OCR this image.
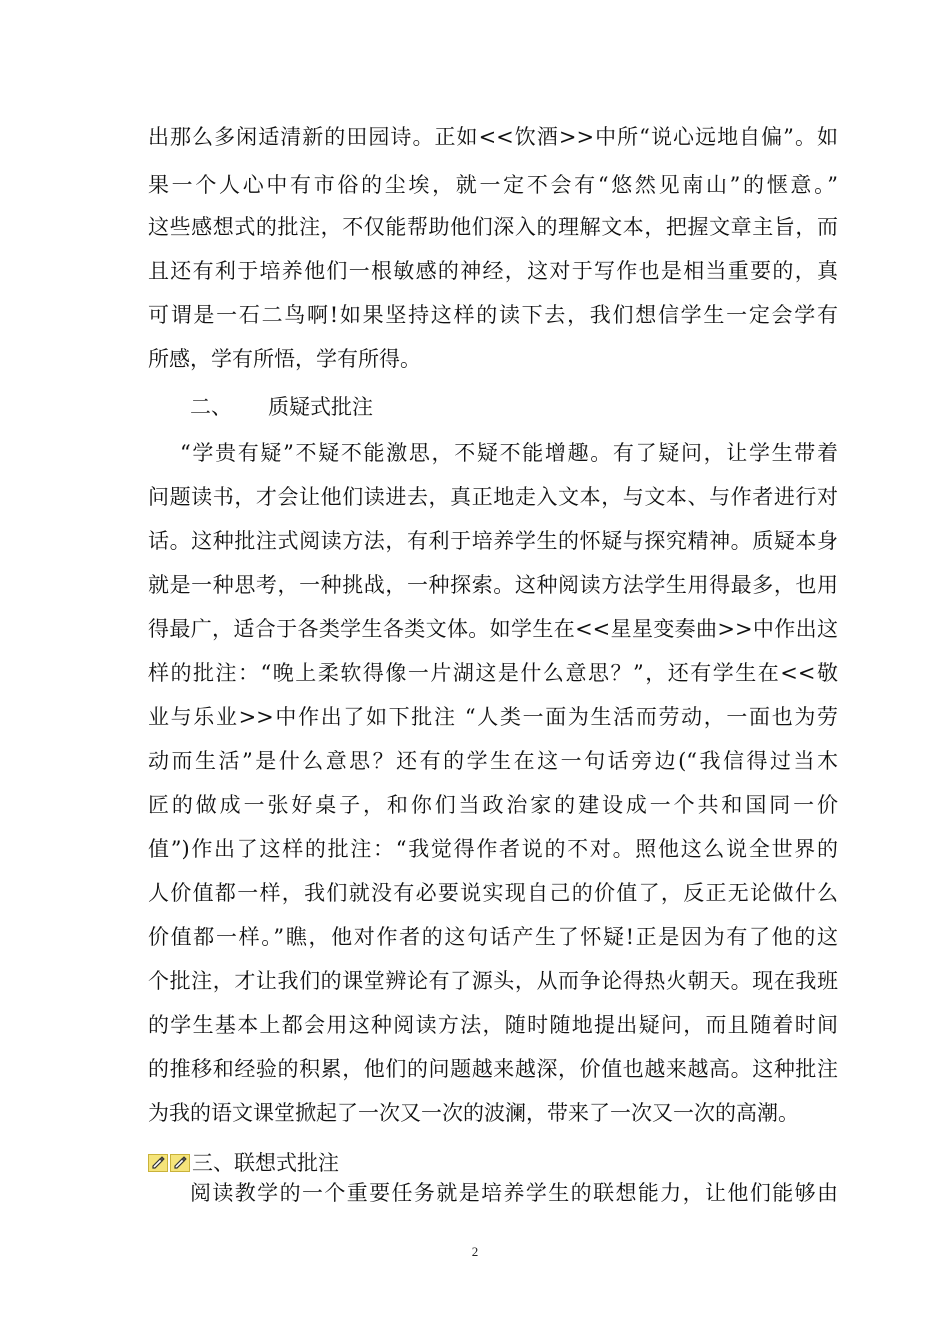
出那么多闲适清新的田园诗。正如<<饮酒>>中所“说心远地自偏”。如
果一个人心中有市俗的尘埃，就一定不会有“悠然见南山”的惬意。”
这些感想式的批注，不仅能帮助他们深入的理解文本，把握文章主旨，而
且还有利于培养他们一根敏感的神经，这对于写作也是相当重要的，真
可谓是一石二鸟啊!如果坚持这样的读下去，我们想信学生一定会学有
所感，学有所悟，学有所得。
二、 质疑式批注
“学贵有疑”不疑不能激思，不疑不能增趣。有了疑问，让学生带着
问题读书，才会让他们读进去，真正地走入文本，与文本、与作者进行对
话。这种批注式阅读方法，有利于培养学生的怀疑与探究精神。质疑本身
就是一种思考，一种挑战，一种探索。这种阅读方法学生用得最多，也用
得最广，适合于各类学生各类文体。如学生在<<星星变奏曲>>中作出这
样的批注：“晚上柔软得像一片湖这是什么意思？”，还有学生在<<敬
业与乐业>>中作出了如下批注 “人类一面为生活而劳动，一面也为劳
动而生活”是什么意思？还有的学生在这一句话旁边(“我信得过当木
匠的做成一张好桌子，和你们当政治家的建设成一个共和国同一价
值”)作出了这样的批注：“我觉得作者说的不对。照他这么说全世界的
人价值都一样，我们就没有必要说实现自己的价值了，反正无论做什么
价值都一样。”瞧，他对作者的这句话产生了怀疑!正是因为有了他的这
个批注，才让我们的课堂辨论有了源头，从而争论得热火朝天。现在我班
的学生基本上都会用这种阅读方法，随时随地提出疑问，而且随着时间
的推移和经验的积累，他们的问题越来越深，价值也越来越高。这种批注
为我的语文课堂掀起了一次又一次的波澜，带来了一次又一次的高潮。
三、联想式批注
阅读教学的一个重要任务就是培养学生的联想能力，让他们能够由
2
